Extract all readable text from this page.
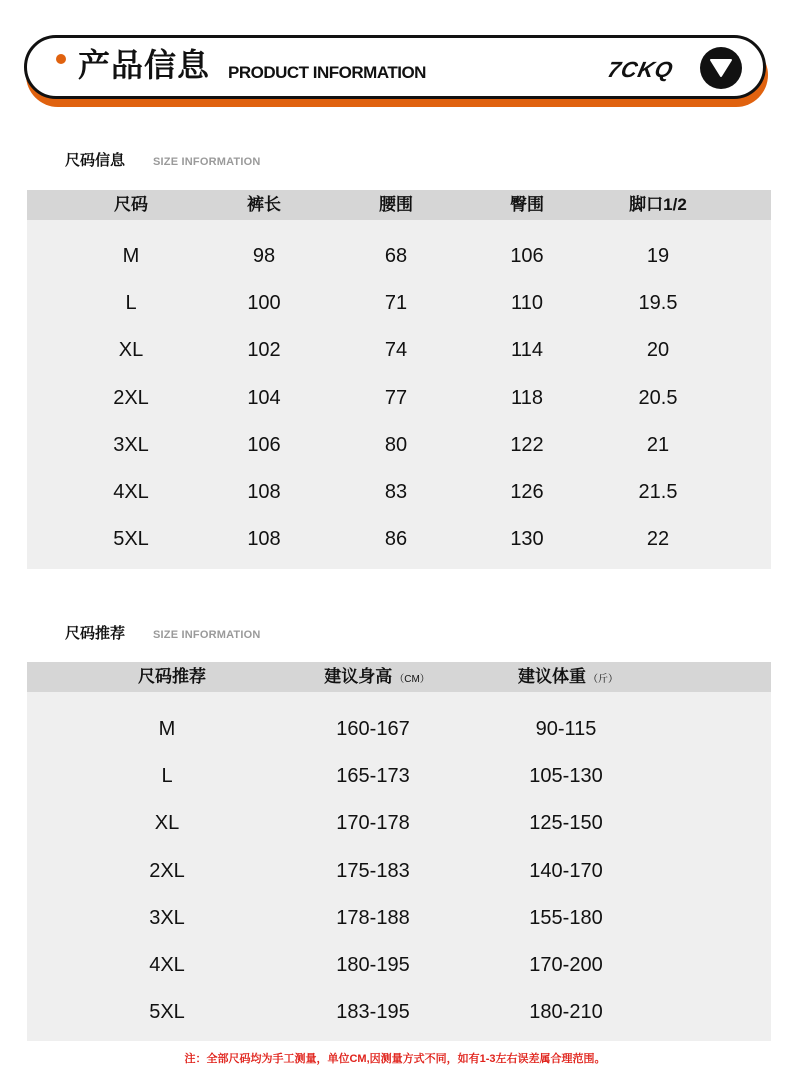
产品信息 PRODUCT INFORMATION	7CKQ
尺码信息	SIZE INFORMATION
尺码	裤长	腰围	臀围	脚口1/2
M	98	68	106	19
L	100	71	110	19.5
XL	102	74	114	20
2XL	104	77	118	20.5
3XL	106	80	122	21
4XL	108	83	126	21.5
5XL	108	86	130	22
尺码推荐	SIZE INFORMATION
尺码推荐	建议身高 （CM）	建议体重 （斤）
M	160-167	90-115
L	165-173	105-130
XL	170-178	125-150
2XL	175-183	140-170
3XL	178-188	155-180
4XL	180-195	170-200
5XL	183-195	180-210
注：全部尺码均为手工测量，单位CM,因测量方式不同，如有1-3左右误差属合理范围。
